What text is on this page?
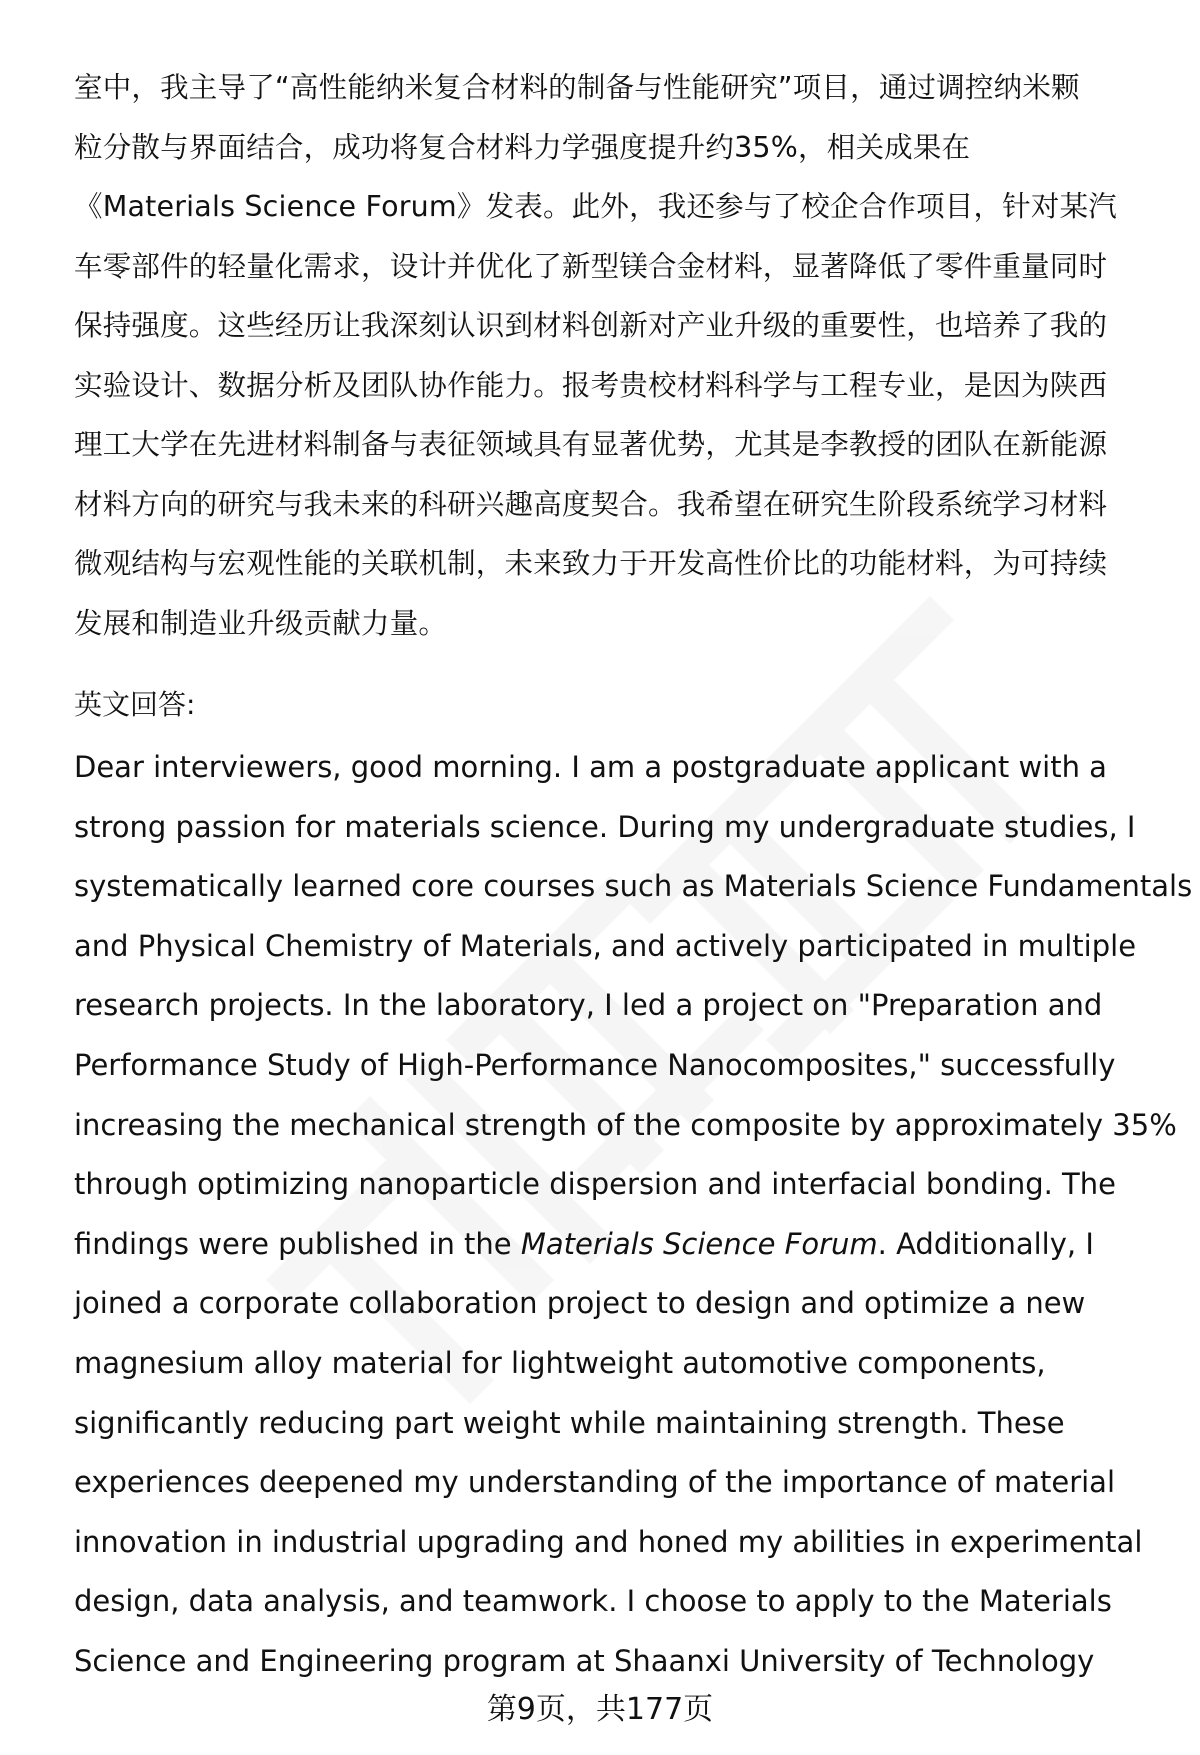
室中，我主导了“高性能纳米复合材料的制备与性能研究”项目，通过调控纳米颗
粒分散与界面结合，成功将复合材料力学强度提升约35%，相关成果在
《Materials Science Forum》发表。此外，我还参与了校企合作项目，针对某汽
车零部件的轻量化需求，设计并优化了新型镁合金材料，显著降低了零件重量同时
保持强度。这些经历让我深刻认识到材料创新对产业升级的重要性，也培养了我的
实验设计、数据分析及团队协作能力。报考贵校材料科学与工程专业，是因为陕西
理工大学在先进材料制备与表征领域具有显著优势，尤其是李教授的团队在新能源
材料方向的研究与我未来的科研兴趣高度契合。我希望在研究生阶段系统学习材料
微观结构与宏观性能的关联机制，未来致力于开发高性价比的功能材料，为可持续
发展和制造业升级贡献力量。
英文回答:
Dear interviewers, good morning. I am a postgraduate applicant with a
strong passion for materials science. During my undergraduate studies, I
systematically learned core courses such as Materials Science Fundamentals
and Physical Chemistry of Materials, and actively participated in multiple
research projects. In the laboratory, I led a project on "Preparation and
Performance Study of High-Performance Nanocomposites," successfully
increasing the mechanical strength of the composite by approximately 35%
through optimizing nanoparticle dispersion and interfacial bonding. The
findings were published in the Materials Science Forum. Additionally, I
joined a corporate collaboration project to design and optimize a new
magnesium alloy material for lightweight automotive components,
significantly reducing part weight while maintaining strength. These
experiences deepened my understanding of the importance of material
innovation in industrial upgrading and honed my abilities in experimental
design, data analysis, and teamwork. I choose to apply to the Materials
Science and Engineering program at Shaanxi University of Technology
第9页，共177页
